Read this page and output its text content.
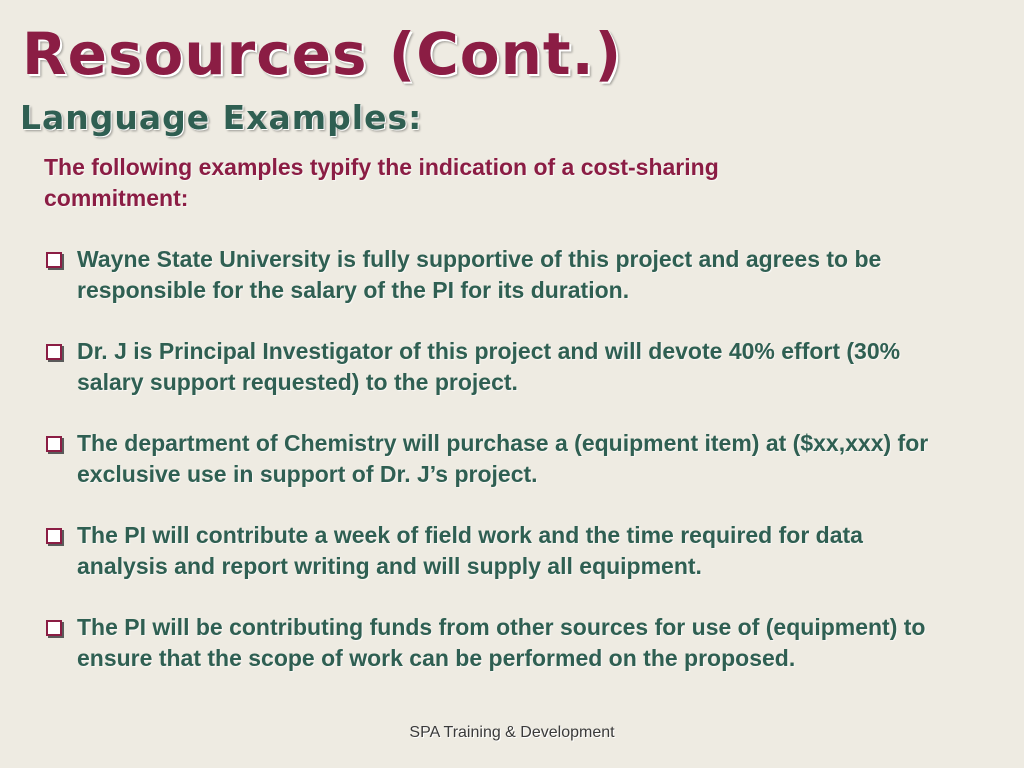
Resources (Cont.)
Language Examples:

The following examples typify the indication of a cost-sharing commitment:

Wayne State University is fully supportive of this project and agrees to be responsible for the salary of the PI for its duration.
Dr. J is Principal Investigator of this project and will devote 40% effort (30% salary support requested) to the project.
The department of Chemistry will purchase a (equipment item) at ($xx,xxx) for exclusive use in support of Dr. J’s project.
The PI will contribute a week of field work and the time required for data analysis and report writing and will supply all equipment.
The PI will be contributing funds from other sources for use of (equipment) to ensure that the scope of work can be performed on the proposed.
SPA Training & Development
